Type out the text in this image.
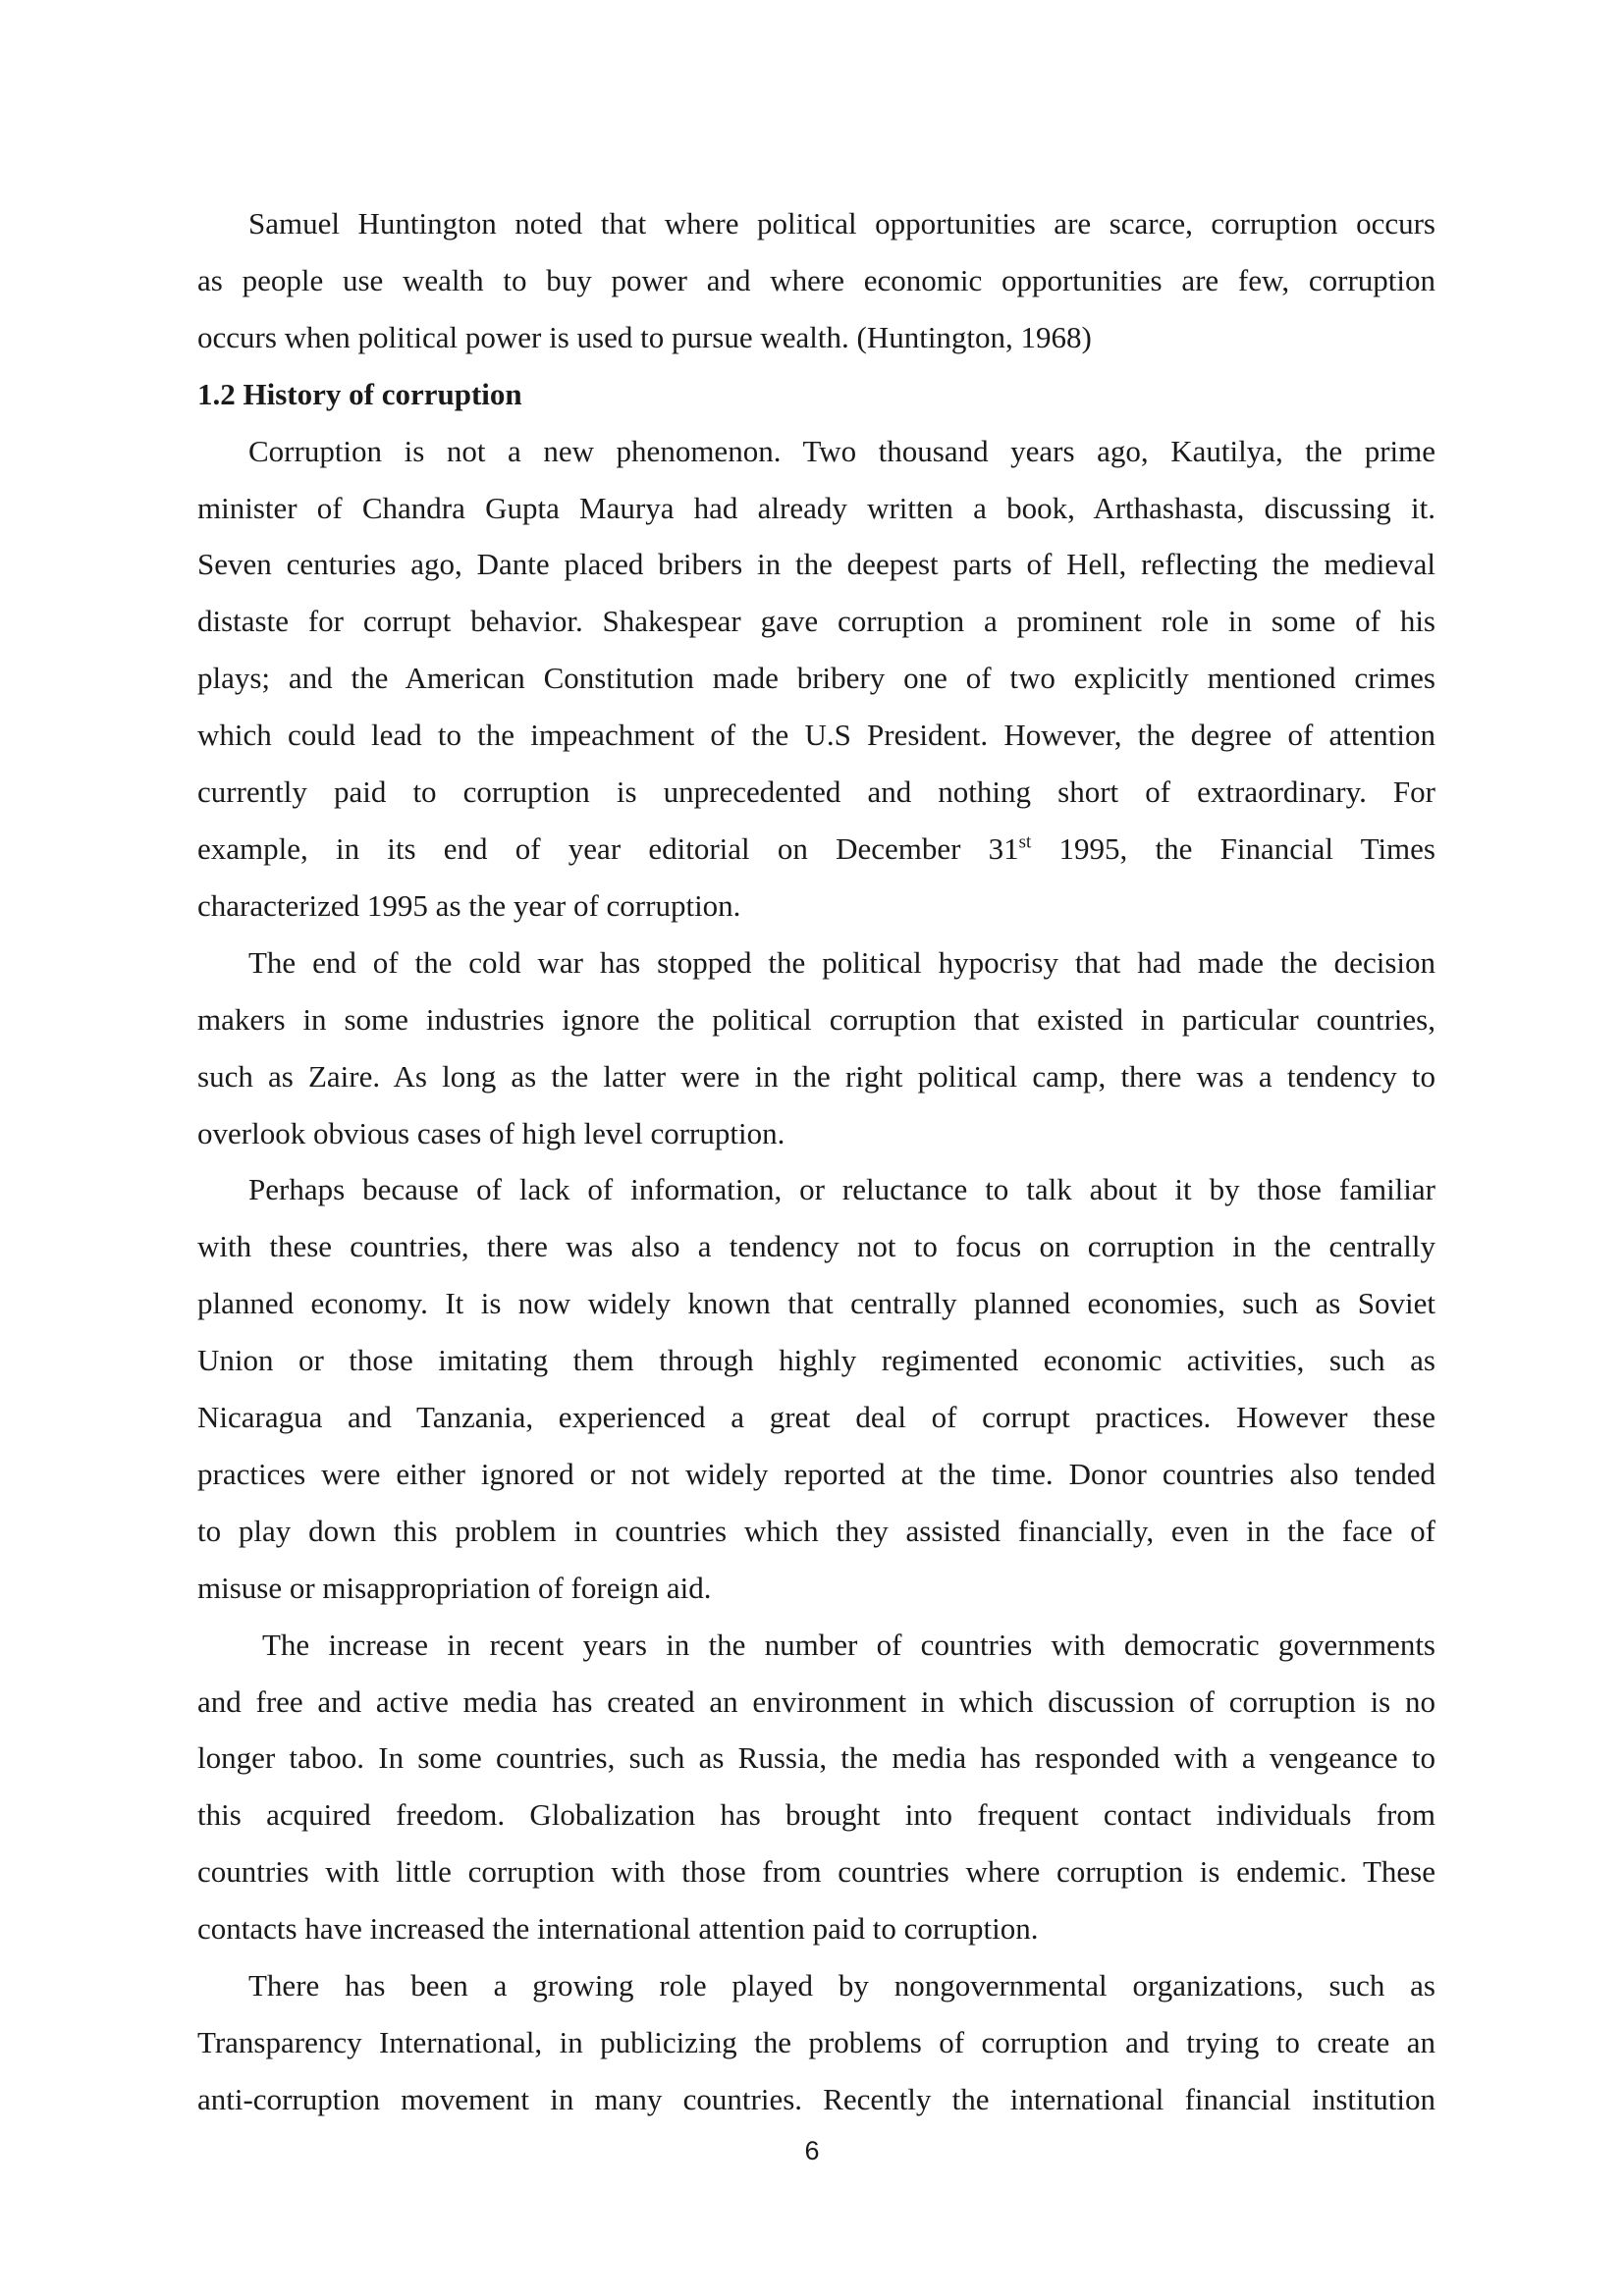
Samuel Huntington noted that where political opportunities are scarce, corruption occurs
as people use wealth to buy power and where economic opportunities are few, corruption
occurs when political power is used to pursue wealth. (Huntington, 1968)
1.2 History of corruption
Corruption is not a new phenomenon. Two thousand years ago, Kautilya, the prime
minister of Chandra Gupta Maurya had already written a book, Arthashasta, discussing it.
Seven centuries ago, Dante placed bribers in the deepest parts of Hell, reflecting the medieval
distaste for corrupt behavior. Shakespear gave corruption a prominent role in some of his
plays; and the American Constitution made bribery one of two explicitly mentioned crimes
which could lead to the impeachment of the U.S President. However, the degree of attention
currently paid to corruption is unprecedented and nothing short of extraordinary. For
example, in its end of year editorial on December 31st 1995, the Financial Times
characterized 1995 as the year of corruption.
The end of the cold war has stopped the political hypocrisy that had made the decision
makers in some industries ignore the political corruption that existed in particular countries,
such as Zaire. As long as the latter were in the right political camp, there was a tendency to
overlook obvious cases of high level corruption.
Perhaps because of lack of information, or reluctance to talk about it by those familiar
with these countries, there was also a tendency not to focus on corruption in the centrally
planned economy. It is now widely known that centrally planned economies, such as Soviet
Union or those imitating them through highly regimented economic activities, such as
Nicaragua and Tanzania, experienced a great deal of corrupt practices. However these
practices were either ignored or not widely reported at the time. Donor countries also tended
to play down this problem in countries which they assisted financially, even in the face of
misuse or misappropriation of foreign aid.
The increase in recent years in the number of countries with democratic governments
and free and active media has created an environment in which discussion of corruption is no
longer taboo. In some countries, such as Russia, the media has responded with a vengeance to
this acquired freedom. Globalization has brought into frequent contact individuals from
countries with little corruption with those from countries where corruption is endemic. These
contacts have increased the international attention paid to corruption.
There has been a growing role played by nongovernmental organizations, such as
Transparency International, in publicizing the problems of corruption and trying to create an
anti-corruption movement in many countries. Recently the international financial institution
6
